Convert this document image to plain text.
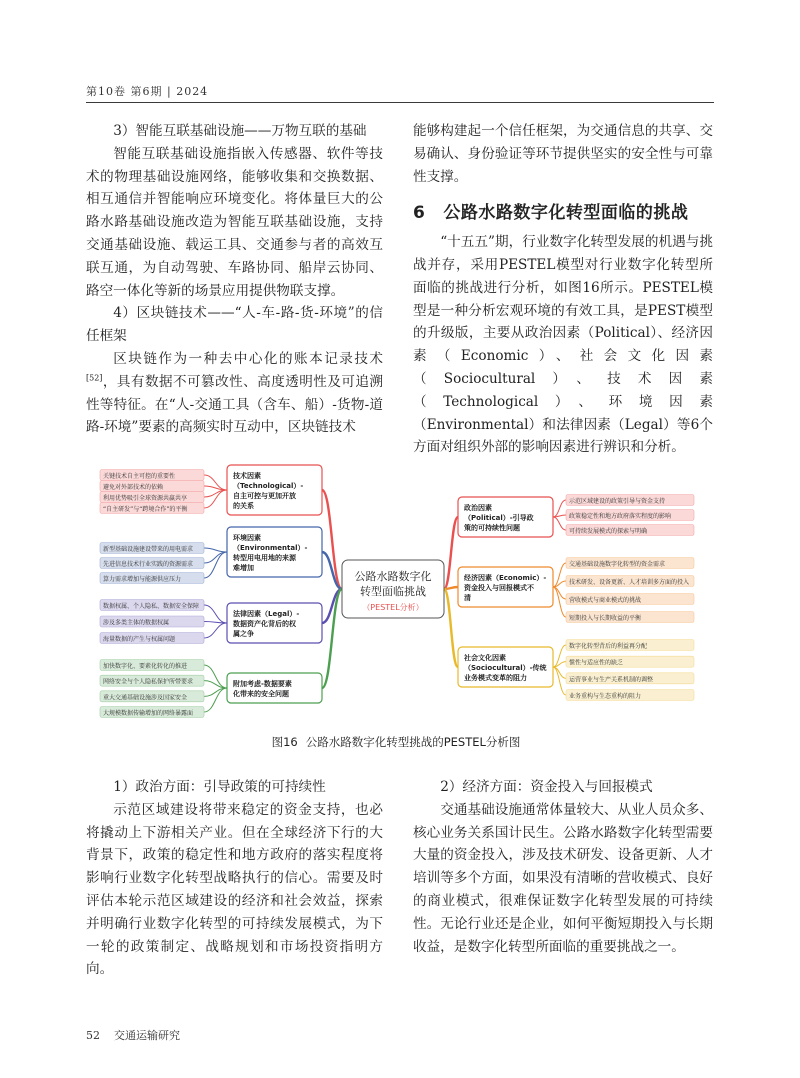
第10卷 第6期 | 2024

3）智能互联基础设施——万物互联的基础

智能互联基础设施指嵌入传感器、软件等技术的物理基础设施网络，能够收集和交换数据、相互通信并智能响应环境变化。将体量巨大的公路水路基础设施改造为智能互联基础设施，支持交通基础设施、载运工具、交通参与者的高效互联互通，为自动驾驶、车路协同、船岸云协同、路空一体化等新的场景应用提供物联支撑。

4）区块链技术——“人-车-路-货-环境”的信任框架

区块链作为一种去中心化的账本记录技术[52]，具有数据不可篡改性、高度透明性及可追溯性等特征。在“人-交通工具（含车、船）-货物-道路-环境”要素的高频实时互动中，区块链技术

能够构建起一个信任框架，为交通信息的共享、交易确认、身份验证等环节提供坚实的安全性与可靠性支撑。

6 公路水路数字化转型面临的挑战

“十五五”期，行业数字化转型发展的机遇与挑战并存，采用PESTEL模型对行业数字化转型所面临的挑战进行分析，如图16所示。PESTEL模型是一种分析宏观环境的有效工具，是PEST模型的升级版，主要从政治因素（Political）、经济因素（Economic）、社会文化因素（Sociocultural）、技术因素（Technological）、环境因素（Environmental）和法律因素（Legal）等6个方面对组织外部的影响因素进行辨识和分析。

技术因素
（Technological）-
自主可控与更加开放
的关系
关键技术自主可控的重要性
避免对外部技术的依赖
利用优势吸引全球资源共赢共享
“自主研发”与“跨境合作”的平衡
环境因素
（Environmental）-
转型用电用地的来源
难增加
新型基础设施建设带来的用电需求
先进信息技术行业实践的资源需求
算力需求增加与能源供应压力
法律因素（Legal）-
数据资产化背后的权
属之争
数据权属、个人隐私、数据安全保障
涉及多类主体的数据权属
海量数据的产生与权属问题
附加考虑-数据要素
化带来的安全问题
加快数字化、要素化转化的推进
网络安全与个人隐私保护所带要求
重大交通基础设施涉及国家安全
大规模数据传输增加的网络暴露面
政治因素
（Political）-引导政
策的可持续性问题
示范区域建设的政策引导与资金支持
政策稳定性和地方政府落实程度的影响
可持续发展模式的探索与明确
经济因素（Economic）-
资金投入与回报模式不
清
交通基础设施数字化转型的资金需求
技术研发、设备更新、人才培训多方面的投入
营收模式与商业模式的挑战
短期投入与长期收益的平衡
社会文化因素
（Sociocultural）-传统
业务模式变革的阻力
数字化转型背后的利益再分配
惯性与适应性的缺乏
运营事业与生产关系机制的调整
业务重构与生态重构的阻力
公路水路数字化
转型面临挑战
（PESTEL分析）
图16 公路水路数字化转型挑战的PESTEL分析图

1）政治方面：引导政策的可持续性

示范区域建设将带来稳定的资金支持，也必将撬动上下游相关产业。但在全球经济下行的大背景下，政策的稳定性和地方政府的落实程度将影响行业数字化转型战略执行的信心。需要及时评估本轮示范区域建设的经济和社会效益，探索并明确行业数字化转型的可持续发展模式，为下一轮的政策制定、战略规划和市场投资指明方向。

2）经济方面：资金投入与回报模式

交通基础设施通常体量较大、从业人员众多、核心业务关系国计民生。公路水路数字化转型需要大量的资金投入，涉及技术研发、设备更新、人才培训等多个方面，如果没有清晰的营收模式、良好的商业模式，很难保证数字化转型发展的可持续性。无论行业还是企业，如何平衡短期投入与长期收益，是数字化转型所面临的重要挑战之一。

52 交通运输研究
